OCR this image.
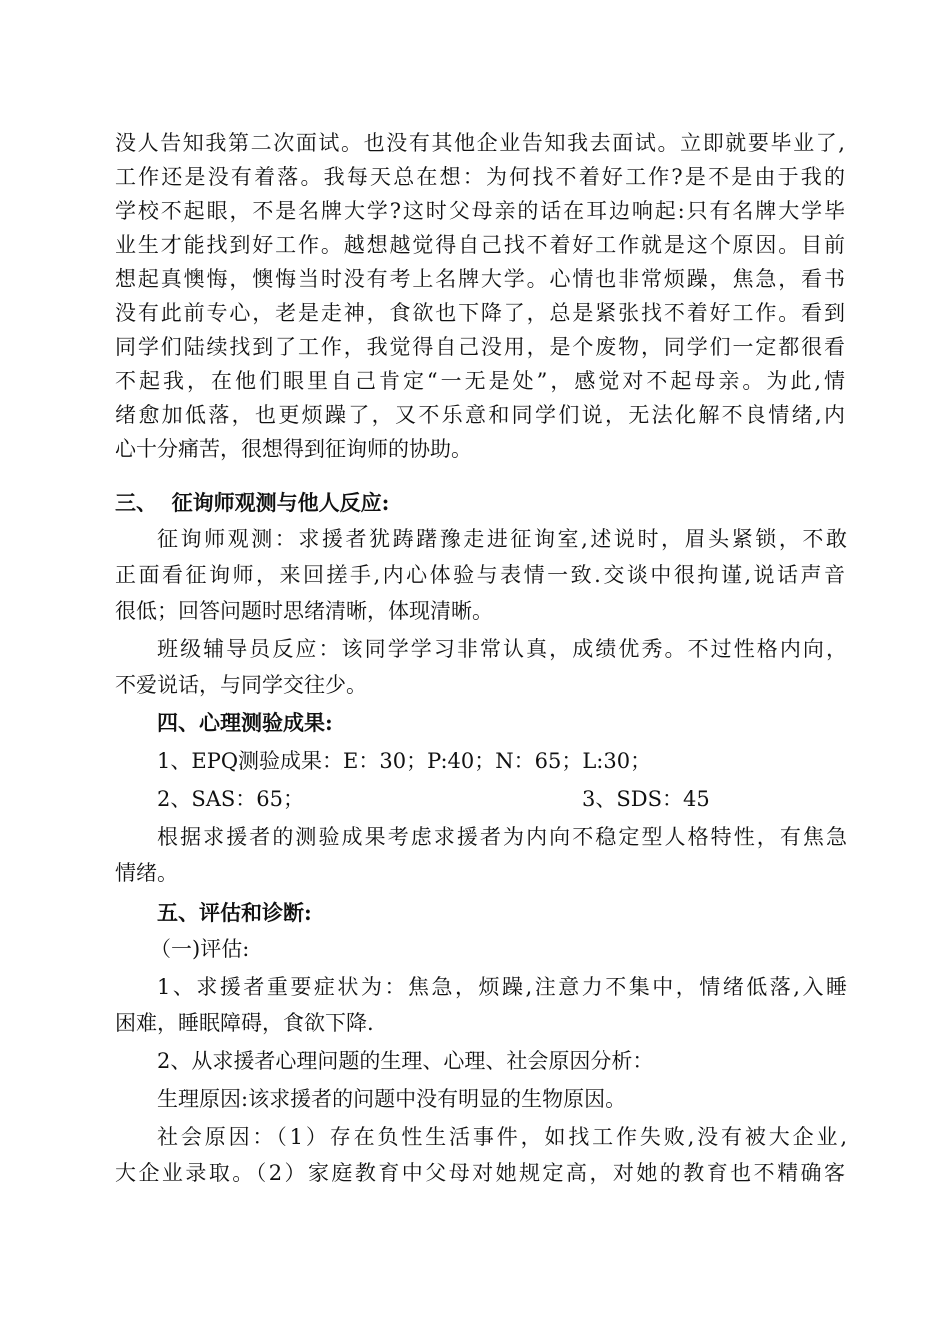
没人告知我第二次面试。也没有其他企业告知我去面试。立即就要毕业了,
工作还是没有着落。我每天总在想：为何找不着好工作?是不是由于我的
学校不起眼，不是名牌大学?这时父母亲的话在耳边响起:只有名牌大学毕
业生才能找到好工作。越想越觉得自己找不着好工作就是这个原因。目前
想起真懊悔，懊悔当时没有考上名牌大学。心情也非常烦躁，焦急，看书
没有此前专心，老是走神，食欲也下降了，总是紧张找不着好工作。看到
同学们陆续找到了工作，我觉得自己没用，是个废物，同学们一定都很看
不起我，在他们眼里自己肯定“一无是处”，感觉对不起母亲。为此,情
绪愈加低落，也更烦躁了，又不乐意和同学们说，无法化解不良情绪,内
心十分痛苦，很想得到征询师的协助。
三、  征询师观测与他人反应:
征询师观测：求援者犹踌躇豫走进征询室,述说时，眉头紧锁，不敢
正面看征询师，来回搓手,内心体验与表情一致.交谈中很拘谨,说话声音
很低；回答问题时思绪清晰，体现清晰。
班级辅导员反应：该同学学习非常认真，成绩优秀。不过性格内向，
不爱说话，与同学交往少。
四、心理测验成果:
1、EPQ测验成果：E：30；P:40；N：65；L:30；
2、SAS：65；	3、SDS：45
根据求援者的测验成果考虑求援者为内向不稳定型人格特性，有焦急
情绪。
五、评估和诊断:
（一)评估:
1、求援者重要症状为：焦急，烦躁,注意力不集中，情绪低落,入睡
困难，睡眠障碍，食欲下降.
2、从求援者心理问题的生理、心理、社会原因分析：
生理原因:该求援者的问题中没有明显的生物原因。
社会原因：（1）存在负性生活事件，如找工作失败,没有被大企业,
大企业录取。（2）家庭教育中父母对她规定高，对她的教育也不精确客
